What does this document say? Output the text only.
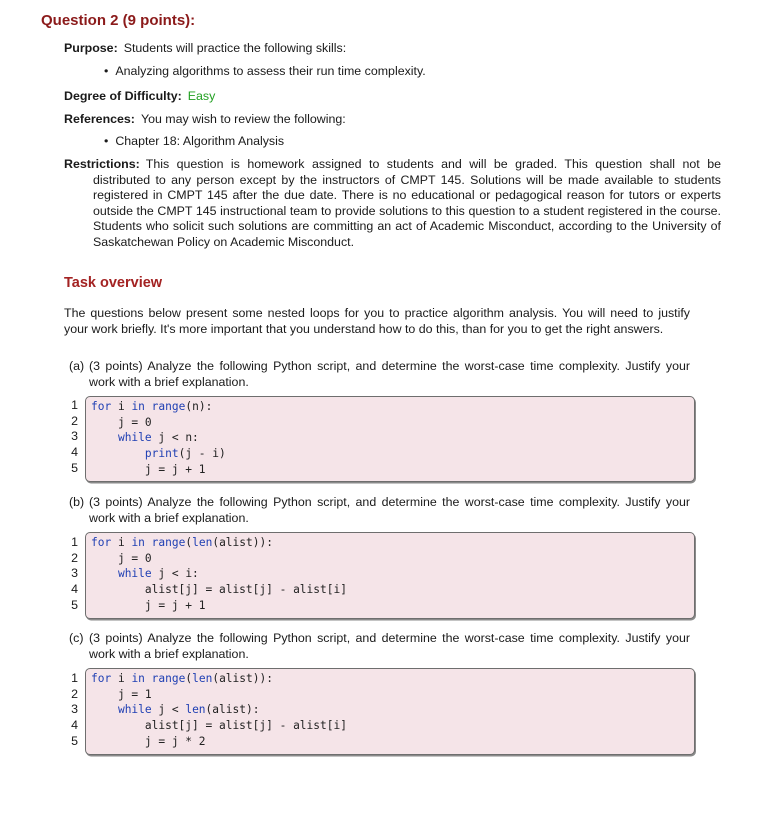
Question 2 (9 points):
Purpose: Students will practice the following skills:
• Analyzing algorithms to assess their run time complexity.
Degree of Difficulty: Easy
References: You may wish to review the following:
• Chapter 18: Algorithm Analysis
Restrictions: This question is homework assigned to students and will be graded. This question shall not be distributed to any person except by the instructors of CMPT 145. Solutions will be made available to students registered in CMPT 145 after the due date. There is no educational or pedagogical reason for tutors or experts outside the CMPT 145 instructional team to provide solutions to this question to a student registered in the course. Students who solicit such solutions are committing an act of Academic Misconduct, according to the University of Saskatchewan Policy on Academic Misconduct.
Task overview
The questions below present some nested loops for you to practice algorithm analysis. You will need to justify your work briefly. It's more important that you understand how to do this, than for you to get the right answers.
(a) (3 points) Analyze the following Python script, and determine the worst-case time complexity. Justify your work with a brief explanation.
1
2
3
4
5
for i in range(n):
j = 0
while j < n:
print(j - i)
j = j + 1
(b) (3 points) Analyze the following Python script, and determine the worst-case time complexity. Justify your work with a brief explanation.
1
2
3
4
5
for i in range(len(alist)):
j = 0
while j < i:
alist[j] = alist[j] - alist[i]
j = j + 1
(c) (3 points) Analyze the following Python script, and determine the worst-case time complexity. Justify your work with a brief explanation.
1
2
3
4
5
for i in range(len(alist)):
j = 1
while j < len(alist):
alist[j] = alist[j] - alist[i]
j = j * 2
